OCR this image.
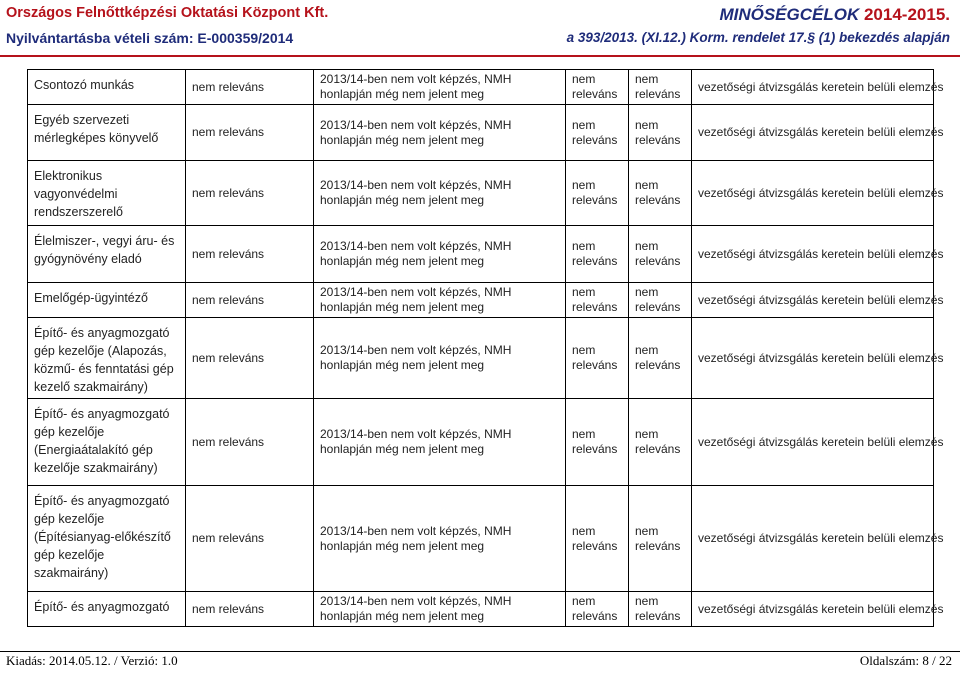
Országos Felnőttképzési Oktatási Központ Kft.
Nyilvántartásba vételi szám: E-000359/2014
MINŐSÉGCÉLOK 2014-2015.
a 393/2013. (XI.12.) Korm. rendelet 17.§ (1) bekezdés alapján
Csontozó munkás	nem releváns	2013/14-ben nem volt képzés, NMH honlapján még nem jelent meg	nem releváns	nem releváns	vezetőségi átvizsgálás keretein belüli elemzés
Egyéb szervezeti mérlegképes könyvelő	nem releváns	2013/14-ben nem volt képzés, NMH honlapján még nem jelent meg	nem releváns	nem releváns	vezetőségi átvizsgálás keretein belüli elemzés
Elektronikus vagyonvédelmi rendszerszerelő	nem releváns	2013/14-ben nem volt képzés, NMH honlapján még nem jelent meg	nem releváns	nem releváns	vezetőségi átvizsgálás keretein belüli elemzés
Élelmiszer-, vegyi áru- és gyógynövény eladó	nem releváns	2013/14-ben nem volt képzés, NMH honlapján még nem jelent meg	nem releváns	nem releváns	vezetőségi átvizsgálás keretein belüli elemzés
Emelőgép-ügyintéző	nem releváns	2013/14-ben nem volt képzés, NMH honlapján még nem jelent meg	nem releváns	nem releváns	vezetőségi átvizsgálás keretein belüli elemzés
Építő- és anyagmozgató gép kezelője (Alapozás, közmű- és fenntatási gép kezelő szakmairány)	nem releváns	2013/14-ben nem volt képzés, NMH honlapján még nem jelent meg	nem releváns	nem releváns	vezetőségi átvizsgálás keretein belüli elemzés
Építő- és anyagmozgató gép kezelője (Energiaátalakító gép kezelője szakmairány)	nem releváns	2013/14-ben nem volt képzés, NMH honlapján még nem jelent meg	nem releváns	nem releváns	vezetőségi átvizsgálás keretein belüli elemzés
Építő- és anyagmozgató gép kezelője (Építésianyag-előkészítő gép kezelője szakmairány)	nem releváns	2013/14-ben nem volt képzés, NMH honlapján még nem jelent meg	nem releváns	nem releváns	vezetőségi átvizsgálás keretein belüli elemzés
Építő- és anyagmozgató	nem releváns	2013/14-ben nem volt képzés, NMH honlapján még nem jelent meg	nem releváns	nem releváns	vezetőségi átvizsgálás keretein belüli elemzés
Kiadás: 2014.05.12. / Verzió: 1.0	Oldalszám: 8 / 22
